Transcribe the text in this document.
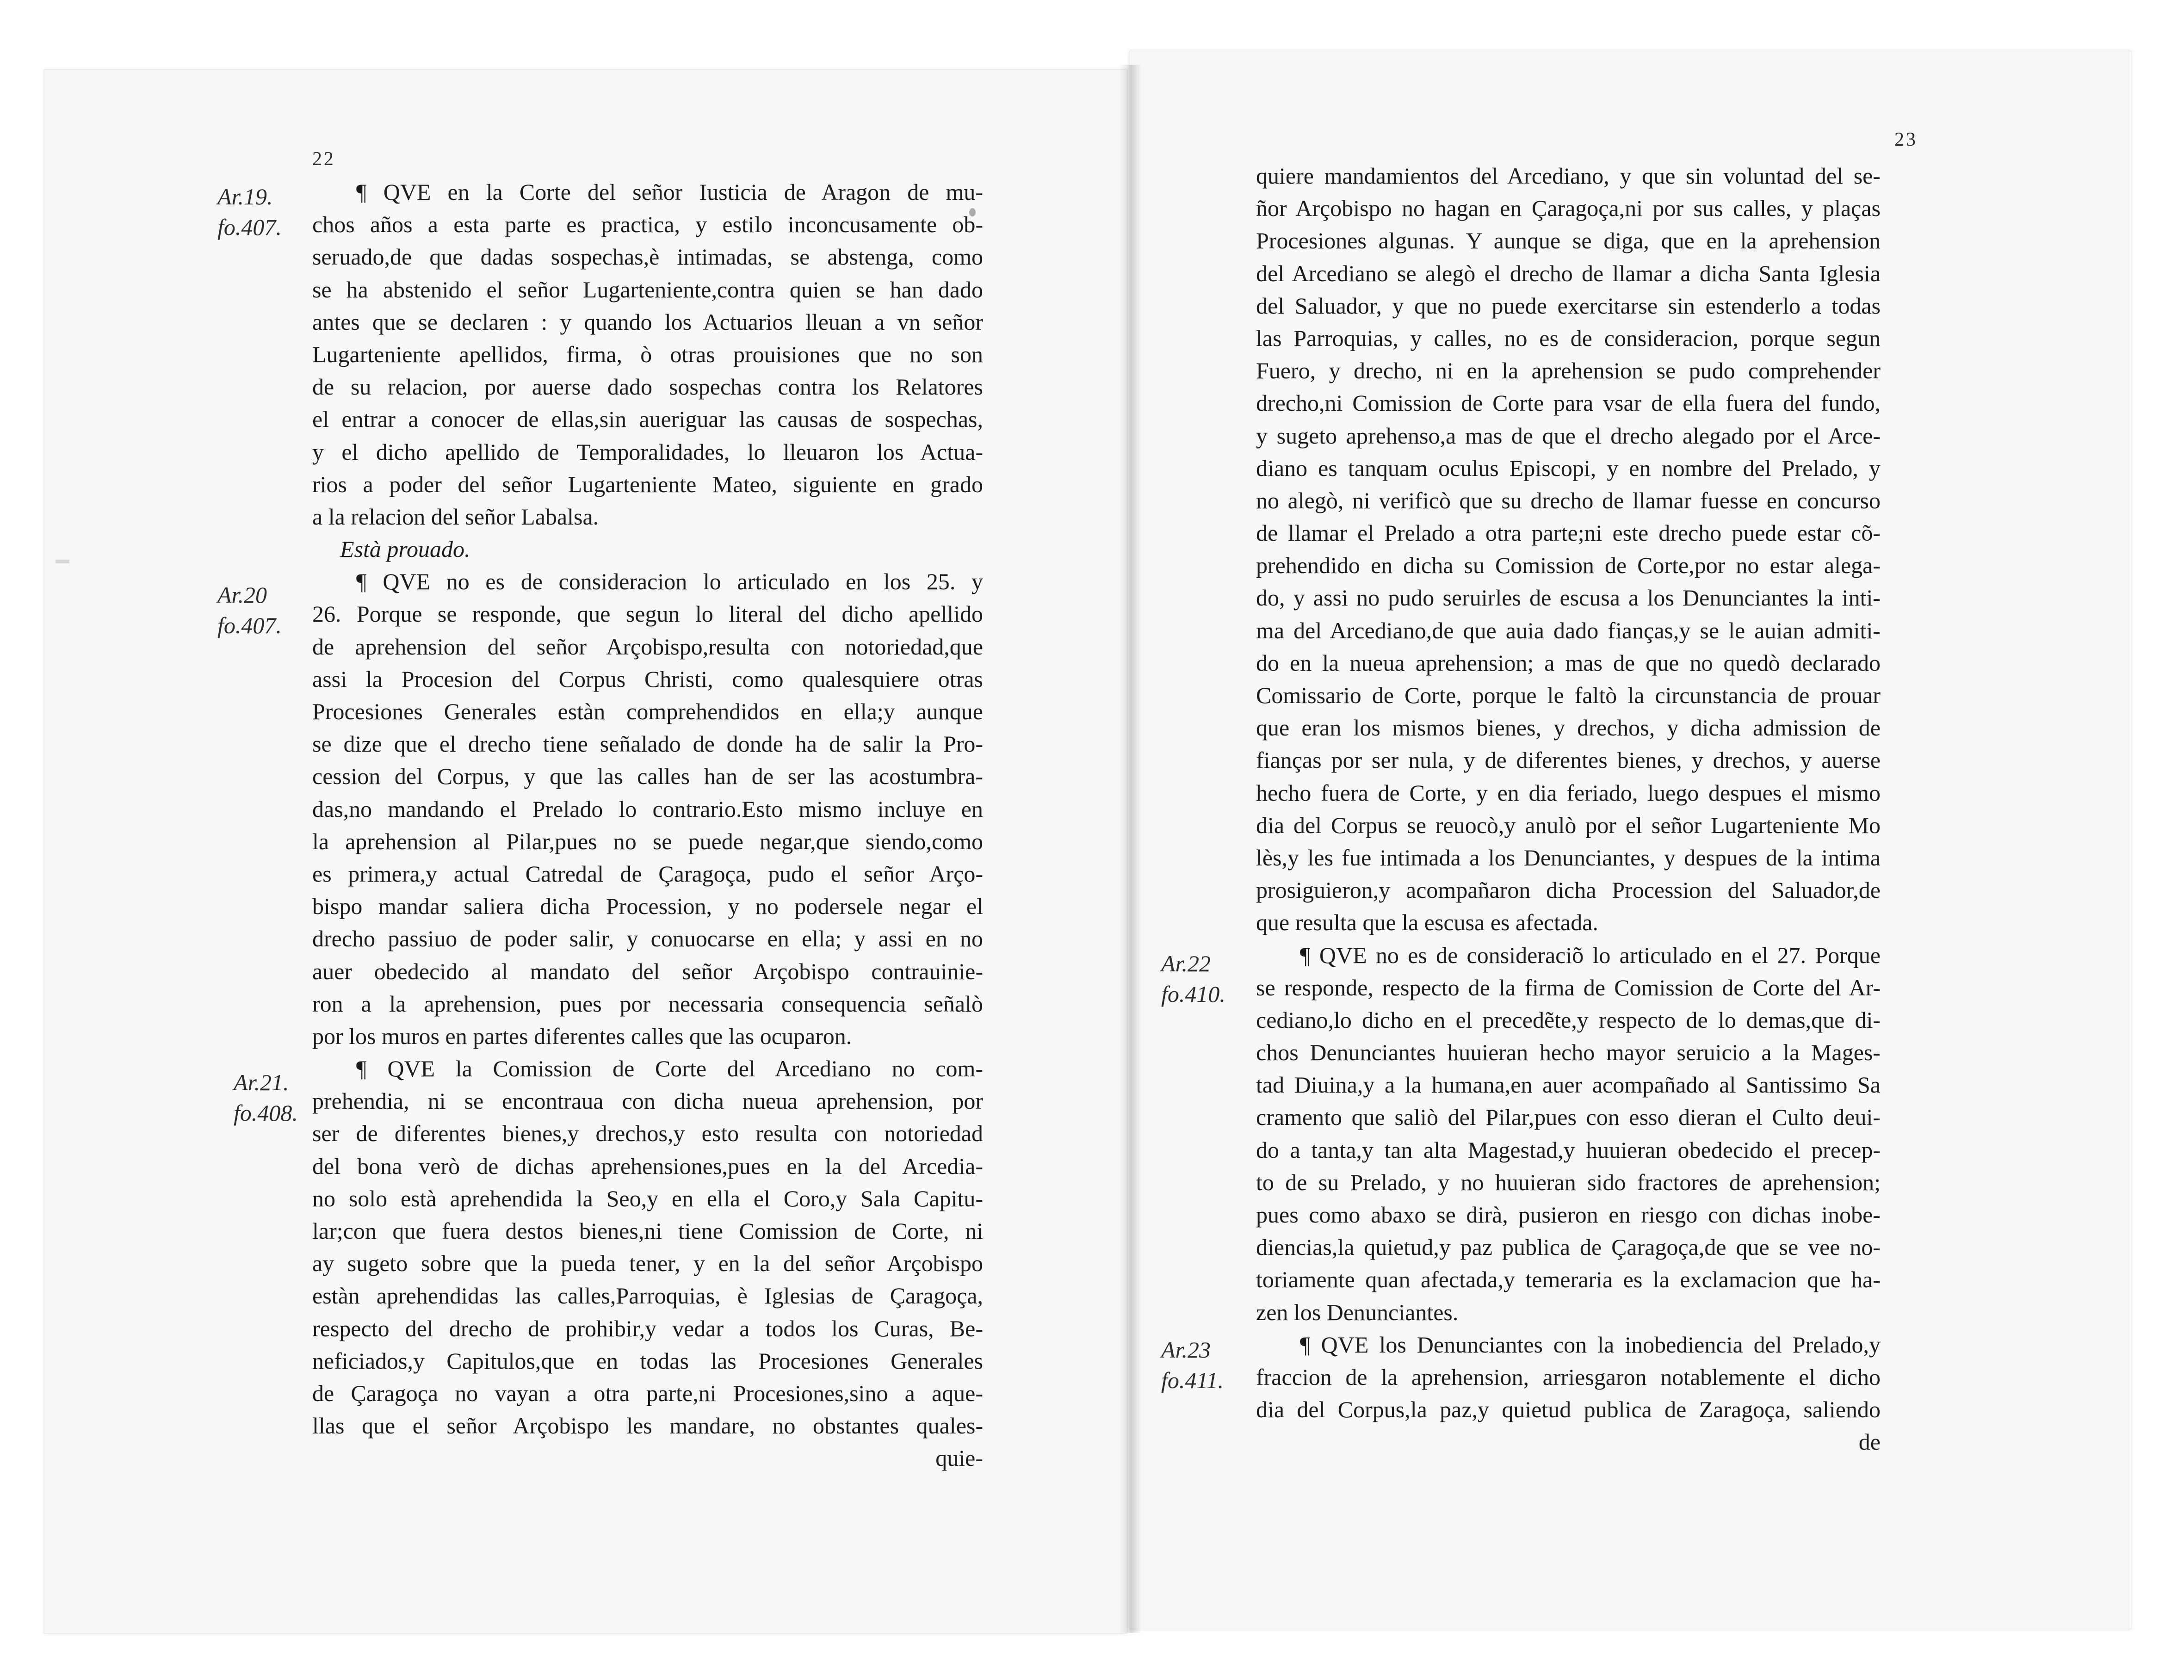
22
23
Ar.19.
fo.407.
Ar.20
fo.407.
Ar.21.
fo.408.
Ar.22
fo.410.
Ar.23
fo.411.
¶ QVE en la Corte del señor Iusticia de Aragon de mu-
chos años a esta parte es practica, y estilo inconcusamente ob-
seruado,de que dadas sospechas,è intimadas, se abstenga, como
se ha abstenido el señor Lugarteniente,contra quien se han dado
antes que se declaren : y quando los Actuarios lleuan a vn señor
Lugarteniente apellidos, firma, ò otras prouisiones que no son
de su relacion, por auerse dado sospechas contra los Relatores
el entrar a conocer de ellas,sin aueriguar las causas de sospechas,
y el dicho apellido de Temporalidades, lo lleuaron los Actua-
rios a poder del señor Lugarteniente Mateo, siguiente en grado
a la relacion del señor Labalsa.
Està prouado.
¶ QVE no es de consideracion lo articulado en los 25. y
26. Porque se responde, que segun lo literal del dicho apellido
de aprehension del señor Arçobispo,resulta con notoriedad,que
assi la Procesion del Corpus Christi, como qualesquiere otras
Procesiones Generales estàn comprehendidos en ella;y aunque
se dize que el drecho tiene señalado de donde ha de salir la Pro-
cession del Corpus, y que las calles han de ser las acostumbra-
das,no mandando el Prelado lo contrario.Esto mismo incluye en
la aprehension al Pilar,pues no se puede negar,que siendo,como
es primera,y actual Catredal de Çaragoça, pudo el señor Arço-
bispo mandar saliera dicha Procession, y no podersele negar el
drecho passiuo de poder salir, y conuocarse en ella; y assi en no
auer obedecido al mandato del señor Arçobispo contrauinie-
ron a la aprehension, pues por necessaria consequencia señalò
por los muros en partes diferentes calles que las ocuparon.
¶ QVE la Comission de Corte del Arcediano no com-
prehendia, ni se encontraua con dicha nueua aprehension, por
ser de diferentes bienes,y drechos,y esto resulta con notoriedad
del bona verò de dichas aprehensiones,pues en la del Arcedia-
no solo està aprehendida la Seo,y en ella el Coro,y Sala Capitu-
lar;con que fuera destos bienes,ni tiene Comission de Corte, ni
ay sugeto sobre que la pueda tener, y en la del señor Arçobispo
estàn aprehendidas las calles,Parroquias, è Iglesias de Çaragoça,
respecto del drecho de prohibir,y vedar a todos los Curas, Be-
neficiados,y Capitulos,que en todas las Procesiones Generales
de Çaragoça no vayan a otra parte,ni Procesiones,sino a aque-
llas que el señor Arçobispo les mandare, no obstantes quales-
quie-
quiere mandamientos del Arcediano, y que sin voluntad del se-
ñor Arçobispo no hagan en Çaragoça,ni por sus calles, y plaças
Procesiones algunas. Y aunque se diga, que en la aprehension
del Arcediano se alegò el drecho de llamar a dicha Santa Iglesia
del Saluador, y que no puede exercitarse sin estenderlo a todas
las Parroquias, y calles, no es de consideracion, porque segun
Fuero, y drecho, ni en la aprehension se pudo comprehender
drecho,ni Comission de Corte para vsar de ella fuera del fundo,
y sugeto aprehenso,a mas de que el drecho alegado por el Arce-
diano es tanquam oculus Episcopi, y en nombre del Prelado, y
no alegò, ni verificò que su drecho de llamar fuesse en concurso
de llamar el Prelado a otra parte;ni este drecho puede estar cõ-
prehendido en dicha su Comission de Corte,por no estar alega-
do, y assi no pudo seruirles de escusa a los Denunciantes la inti-
ma del Arcediano,de que auia dado fianças,y se le auian admiti-
do en la nueua aprehension; a mas de que no quedò declarado
Comissario de Corte, porque le faltò la circunstancia de prouar
que eran los mismos bienes, y drechos, y dicha admission de
fianças por ser nula, y de diferentes bienes, y drechos, y auerse
hecho fuera de Corte, y en dia feriado, luego despues el mismo
dia del Corpus se reuocò,y anulò por el señor Lugarteniente Mo
lès,y les fue intimada a los Denunciantes, y despues de la intima
prosiguieron,y acompañaron dicha Procession del Saluador,de
que resulta que la escusa es afectada.
¶ QVE no es de consideraciõ lo articulado en el 27. Porque
se responde, respecto de la firma de Comission de Corte del Ar-
cediano,lo dicho en el precedẽte,y respecto de lo demas,que di-
chos Denunciantes huuieran hecho mayor seruicio a la Mages-
tad Diuina,y a la humana,en auer acompañado al Santissimo Sa
cramento que saliò del Pilar,pues con esso dieran el Culto deui-
do a tanta,y tan alta Magestad,y huuieran obedecido el precep-
to de su Prelado, y no huuieran sido fractores de aprehension;
pues como abaxo se dirà, pusieron en riesgo con dichas inobe-
diencias,la quietud,y paz publica de Çaragoça,de que se vee no-
toriamente quan afectada,y temeraria es la exclamacion que ha-
zen los Denunciantes.
¶ QVE los Denunciantes con la inobediencia del Prelado,y
fraccion de la aprehension, arriesgaron notablemente el dicho
dia del Corpus,la paz,y quietud publica de Zaragoça, saliendo
de
